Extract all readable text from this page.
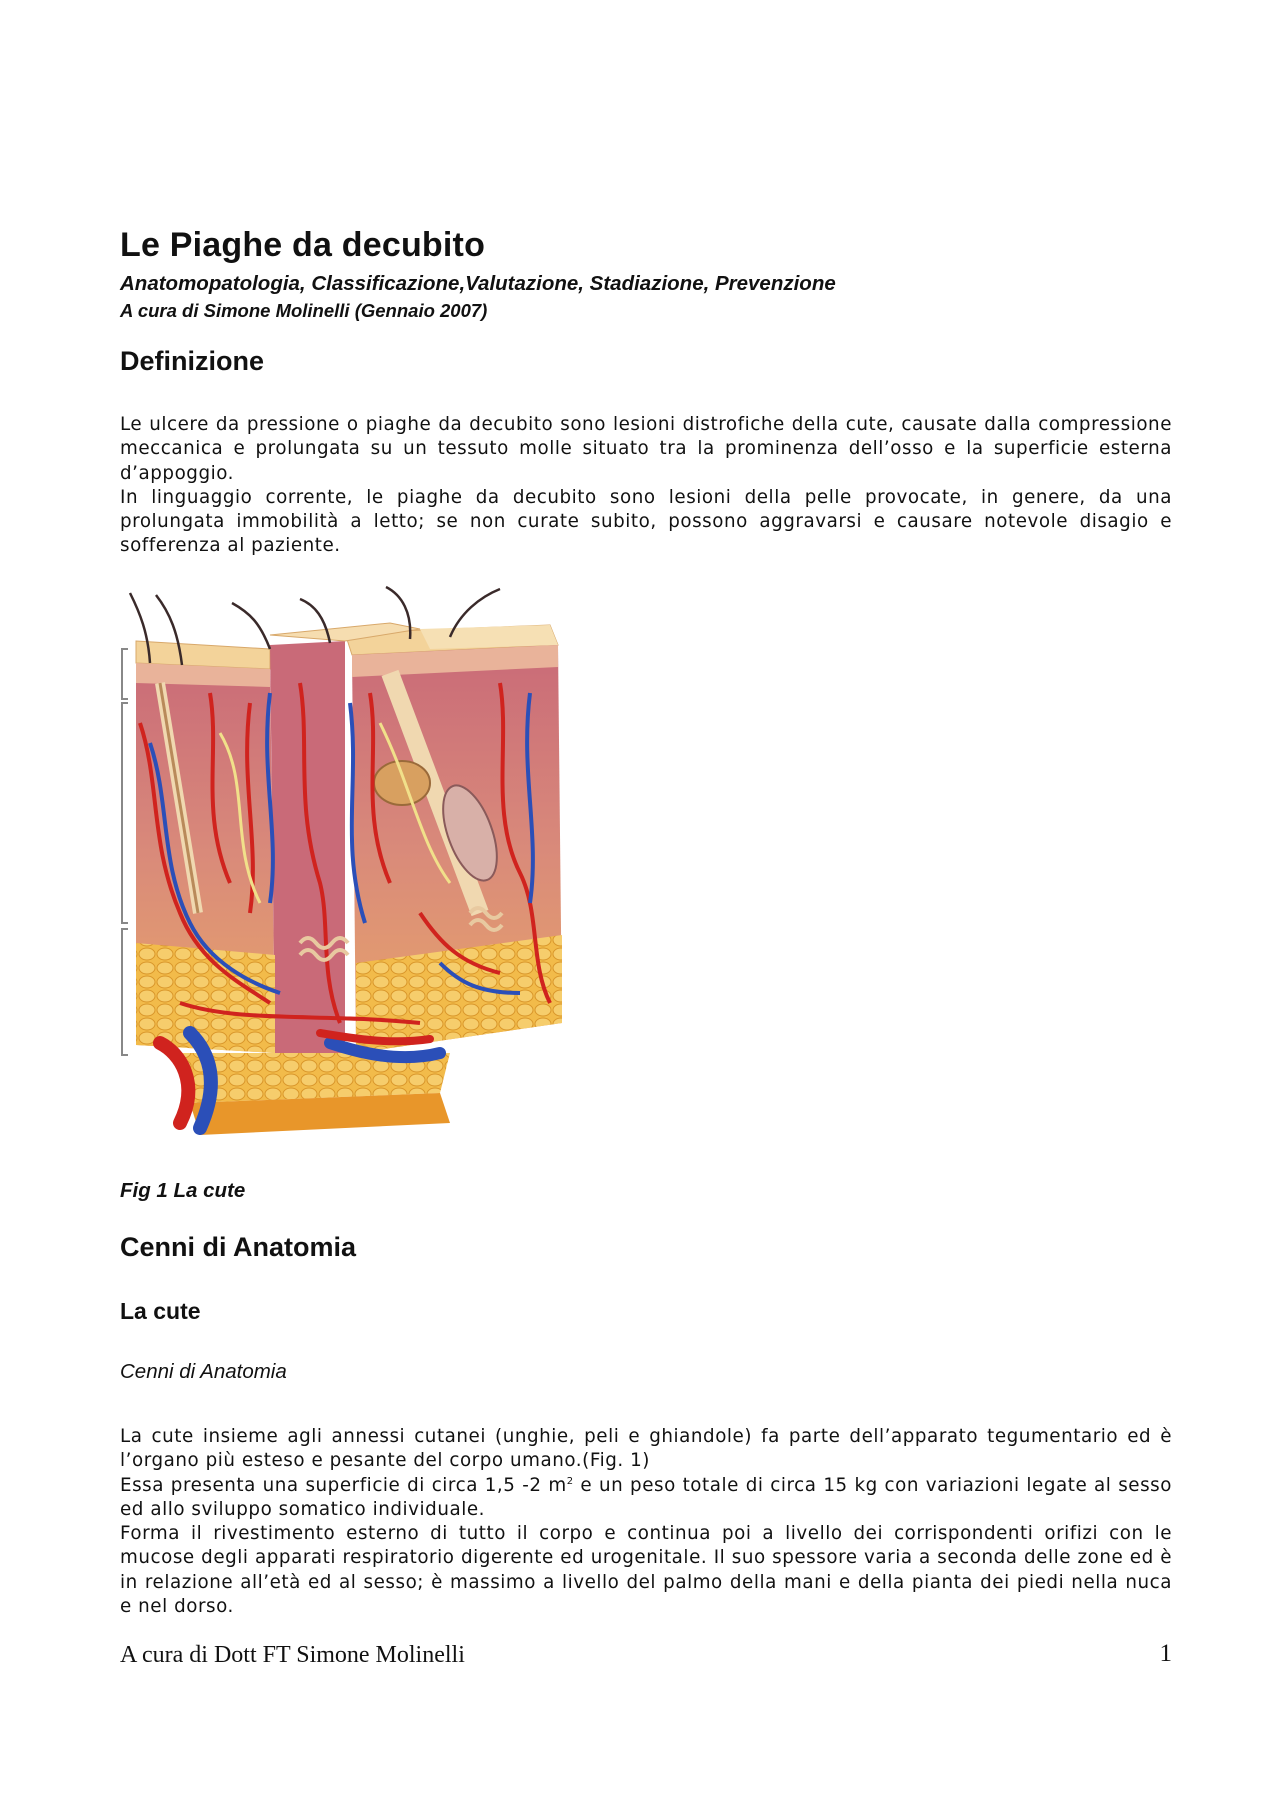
Le Piaghe da decubito

Anatomopatologia, Classificazione,Valutazione, Stadiazione, Prevenzione

A cura di Simone Molinelli (Gennaio 2007)

Definizione

Le ulcere da pressione o piaghe da decubito sono lesioni distrofiche della cute, causate dalla compressione meccanica e prolungata su un tessuto molle situato tra la prominenza dell’osso e la superficie esterna d’appoggio.

In linguaggio corrente, le piaghe da decubito sono lesioni della pelle provocate, in genere, da una prolungata immobilità a letto; se non curate subito, possono aggravarsi e causare notevole disagio e sofferenza al paziente.

Fig 1 La cute

Cenni di Anatomia
La cute

Cenni di Anatomia

La cute insieme agli annessi cutanei (unghie, peli e ghiandole) fa parte dell’apparato tegumentario ed è l’organo più esteso e pesante del corpo umano.(Fig. 1)

Essa presenta una superficie di circa 1,5 -2 $m^2$ e un peso totale di circa 15 kg con variazioni legate al sesso ed allo sviluppo somatico individuale.

Forma il rivestimento esterno di tutto il corpo e continua poi a livello dei corrispondenti orifizi con le mucose degli apparati respiratorio digerente ed urogenitale. Il suo spessore varia a seconda delle zone ed è in relazione all’età ed al sesso; è massimo a livello del palmo della mani e della pianta dei piedi nella nuca e nel dorso.

A cura di Dott FT Simone Molinelli	1
